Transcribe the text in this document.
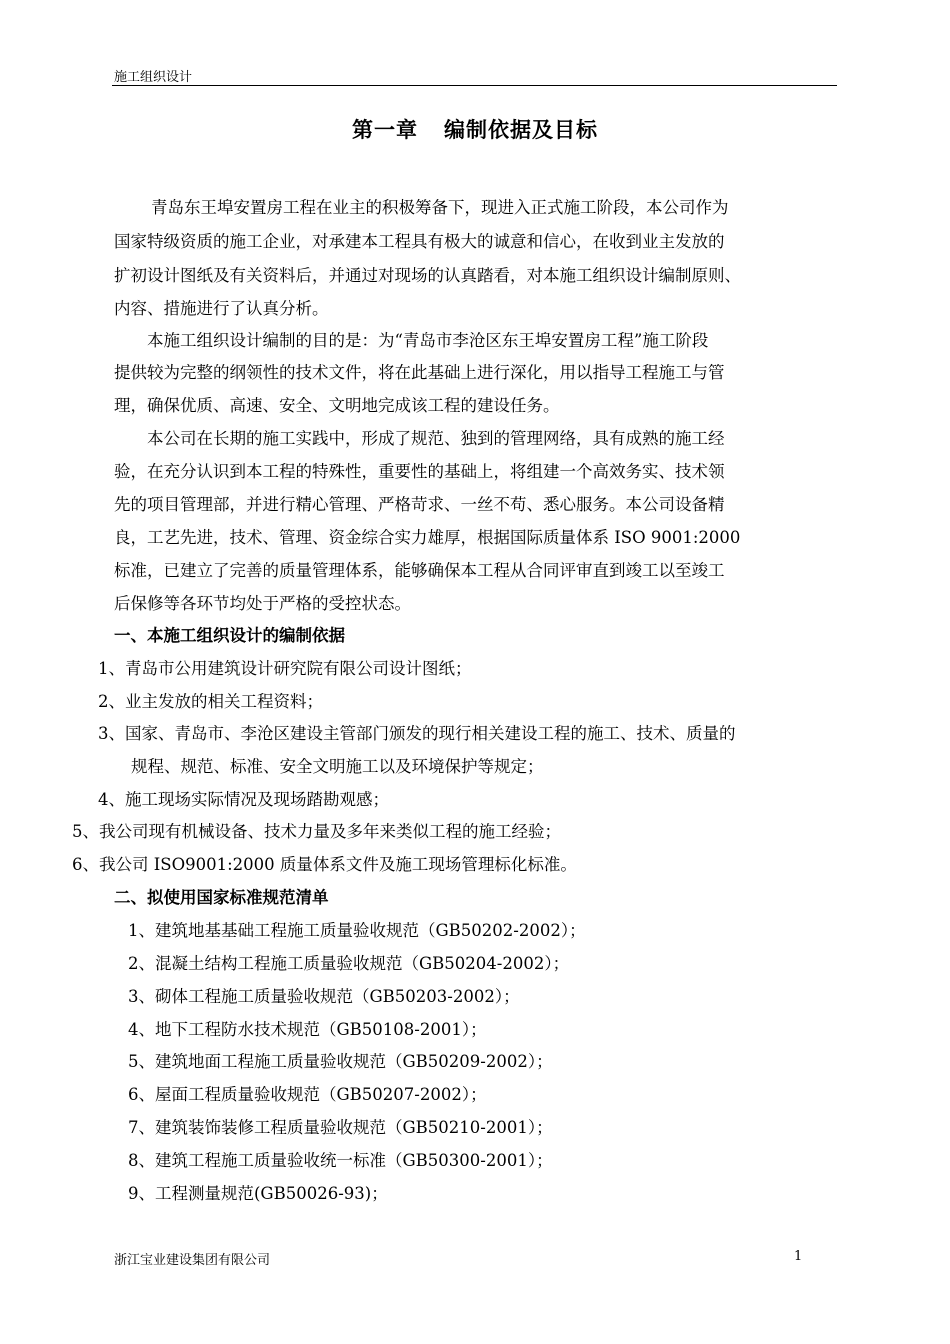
施工组织设计
第一章 编制依据及目标
青岛东王埠安置房工程在业主的积极筹备下，现进入正式施工阶段，本公司作为
国家特级资质的施工企业，对承建本工程具有极大的诚意和信心，在收到业主发放的
扩初设计图纸及有关资料后，并通过对现场的认真踏看，对本施工组织设计编制原则、
内容、措施进行了认真分析。
本施工组织设计编制的目的是：为“青岛市李沧区东王埠安置房工程”施工阶段
提供较为完整的纲领性的技术文件，将在此基础上进行深化，用以指导工程施工与管
理，确保优质、高速、安全、文明地完成该工程的建设任务。
本公司在长期的施工实践中，形成了规范、独到的管理网络，具有成熟的施工经
验，在充分认识到本工程的特殊性，重要性的基础上，将组建一个高效务实、技术领
先的项目管理部，并进行精心管理、严格苛求、一丝不苟、悉心服务。本公司设备精
良，工艺先进，技术、管理、资金综合实力雄厚，根据国际质量体系 ISO 9001:2000
标准，已建立了完善的质量管理体系，能够确保本工程从合同评审直到竣工以至竣工
后保修等各环节均处于严格的受控状态。
一、本施工组织设计的编制依据
1、青岛市公用建筑设计研究院有限公司设计图纸；
2、业主发放的相关工程资料；
3、国家、青岛市、李沧区建设主管部门颁发的现行相关建设工程的施工、技术、质量的
规程、规范、标准、安全文明施工以及环境保护等规定；
4、施工现场实际情况及现场踏勘观感；
5、我公司现有机械设备、技术力量及多年来类似工程的施工经验；
6、我公司 ISO9001:2000 质量体系文件及施工现场管理标化标准。
二、拟使用国家标准规范清单
1、建筑地基基础工程施工质量验收规范（GB50202-2002）；
2、混凝土结构工程施工质量验收规范（GB50204-2002）；
3、砌体工程施工质量验收规范（GB50203-2002）；
4、地下工程防水技术规范（GB50108-2001）；
5、建筑地面工程施工质量验收规范（GB50209-2002）；
6、屋面工程质量验收规范（GB50207-2002）；
7、建筑装饰装修工程质量验收规范（GB50210-2001）；
8、建筑工程施工质量验收统一标准（GB50300-2001）；
9、工程测量规范(GB50026-93)；
浙江宝业建设集团有限公司	1
